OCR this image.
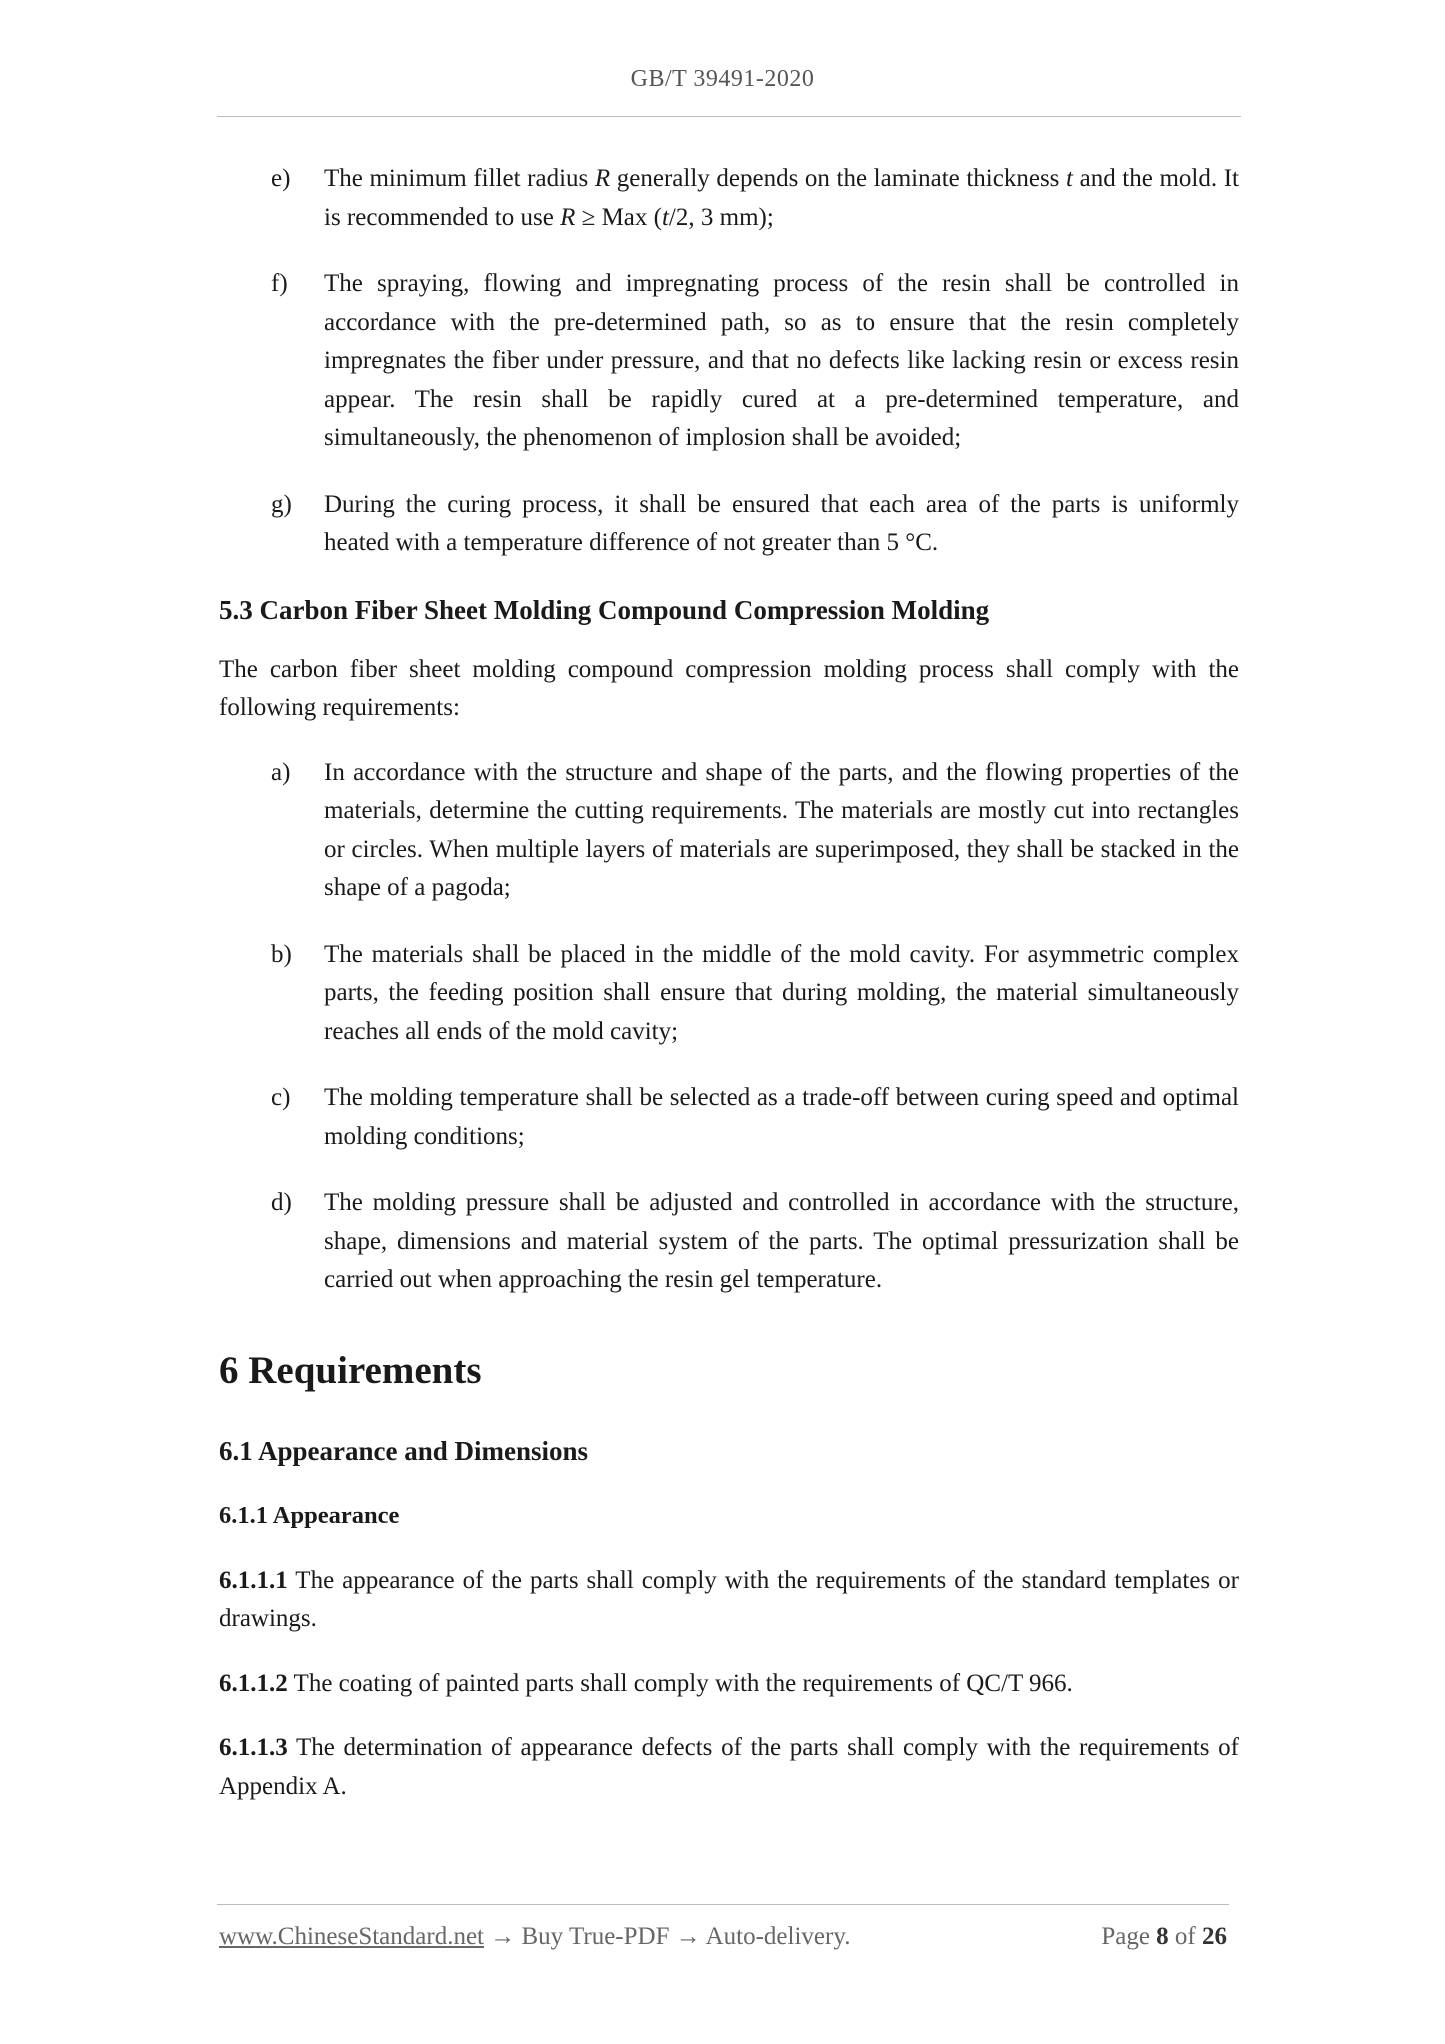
GB/T 39491-2020
e) The minimum fillet radius R generally depends on the laminate thickness t and the mold. It is recommended to use R ≥ Max (t/2, 3 mm);
f) The spraying, flowing and impregnating process of the resin shall be controlled in accordance with the pre-determined path, so as to ensure that the resin completely impregnates the fiber under pressure, and that no defects like lacking resin or excess resin appear. The resin shall be rapidly cured at a pre-determined temperature, and simultaneously, the phenomenon of implosion shall be avoided;
g) During the curing process, it shall be ensured that each area of the parts is uniformly heated with a temperature difference of not greater than 5 °C.
5.3 Carbon Fiber Sheet Molding Compound Compression Molding
The carbon fiber sheet molding compound compression molding process shall comply with the following requirements:
a) In accordance with the structure and shape of the parts, and the flowing properties of the materials, determine the cutting requirements. The materials are mostly cut into rectangles or circles. When multiple layers of materials are superimposed, they shall be stacked in the shape of a pagoda;
b) The materials shall be placed in the middle of the mold cavity. For asymmetric complex parts, the feeding position shall ensure that during molding, the material simultaneously reaches all ends of the mold cavity;
c) The molding temperature shall be selected as a trade-off between curing speed and optimal molding conditions;
d) The molding pressure shall be adjusted and controlled in accordance with the structure, shape, dimensions and material system of the parts. The optimal pressurization shall be carried out when approaching the resin gel temperature.
6 Requirements
6.1 Appearance and Dimensions
6.1.1 Appearance
6.1.1.1 The appearance of the parts shall comply with the requirements of the standard templates or drawings.
6.1.1.2 The coating of painted parts shall comply with the requirements of QC/T 966.
6.1.1.3 The determination of appearance defects of the parts shall comply with the requirements of Appendix A.
www.ChineseStandard.net → Buy True-PDF → Auto-delivery.	Page 8 of 26
